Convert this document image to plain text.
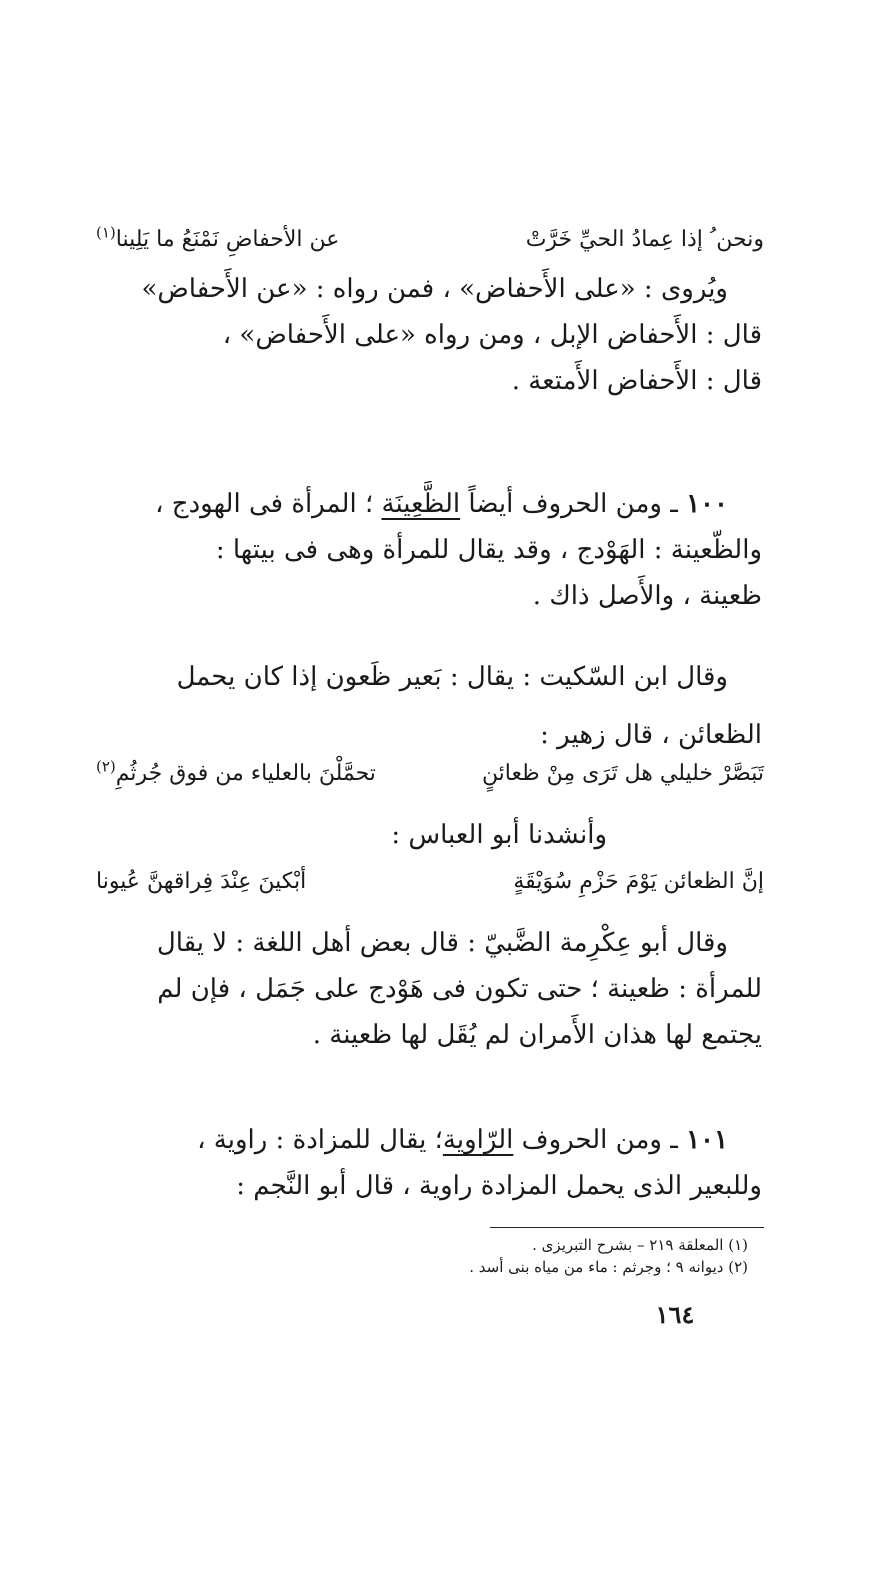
ونحن ُ إذا عِمادُ الحيِّ خَرَّتْ
عن الأحفاضِ نَمْنَعُ ما يَلِينا$^{(١)}$
ويُروى : «على الأَحفاض» ، فمن رواه : «عن الأَحفاض»
قال : الأَحفاض الإبل ، ومن رواه «على الأَحفاض» ،
قال : الأَحفاض الأَمتعة .
١٠٠ ـ ومن الحروف أيضاً الظَّعِينَة ؛ المرأة فى الهودج ،
والظّعينة : الهَوْدج ، وقد يقال للمرأة وهى فى بيتها :
ظعينة ، والأَصل ذاك .
وقال ابن السّكيت : يقال : بَعير ظَعون إذا كان يحمل
الظعائن ، قال زهير :
تَبَصَّرْ خليلي هل تَرَى مِنْ ظعائنٍ
تحمَّلْنَ بالعلياء من فوق جُرثُمِ$^{(٢)}$
وأنشدنا أبو العباس :
إنَّ الظعائن يَوْمَ حَزْمِ سُوَيْقَةٍ
أبْكينَ عِنْدَ فِراقهنَّ عُيونا
وقال أبو عِكْرِمة الضَّبيّ : قال بعض أهل اللغة : لا يقال
للمرأة : ظعينة ؛ حتى تكون فى هَوْدج على جَمَل ، فإن لم
يجتمع لها هذان الأَمران لم يُقَل لها ظعينة .
١٠١ ـ ومن الحروف الرّاوية؛ يقال للمزادة : راوية ،
وللبعير الذى يحمل المزادة راوية ، قال أبو النَّجم :
(١) المعلقة ٢١٩ – بشرح التبريزى .
(٢) ديوانه ٩ ؛ وجرثم : ماء من مياه بنى أسد .
١٦٤
